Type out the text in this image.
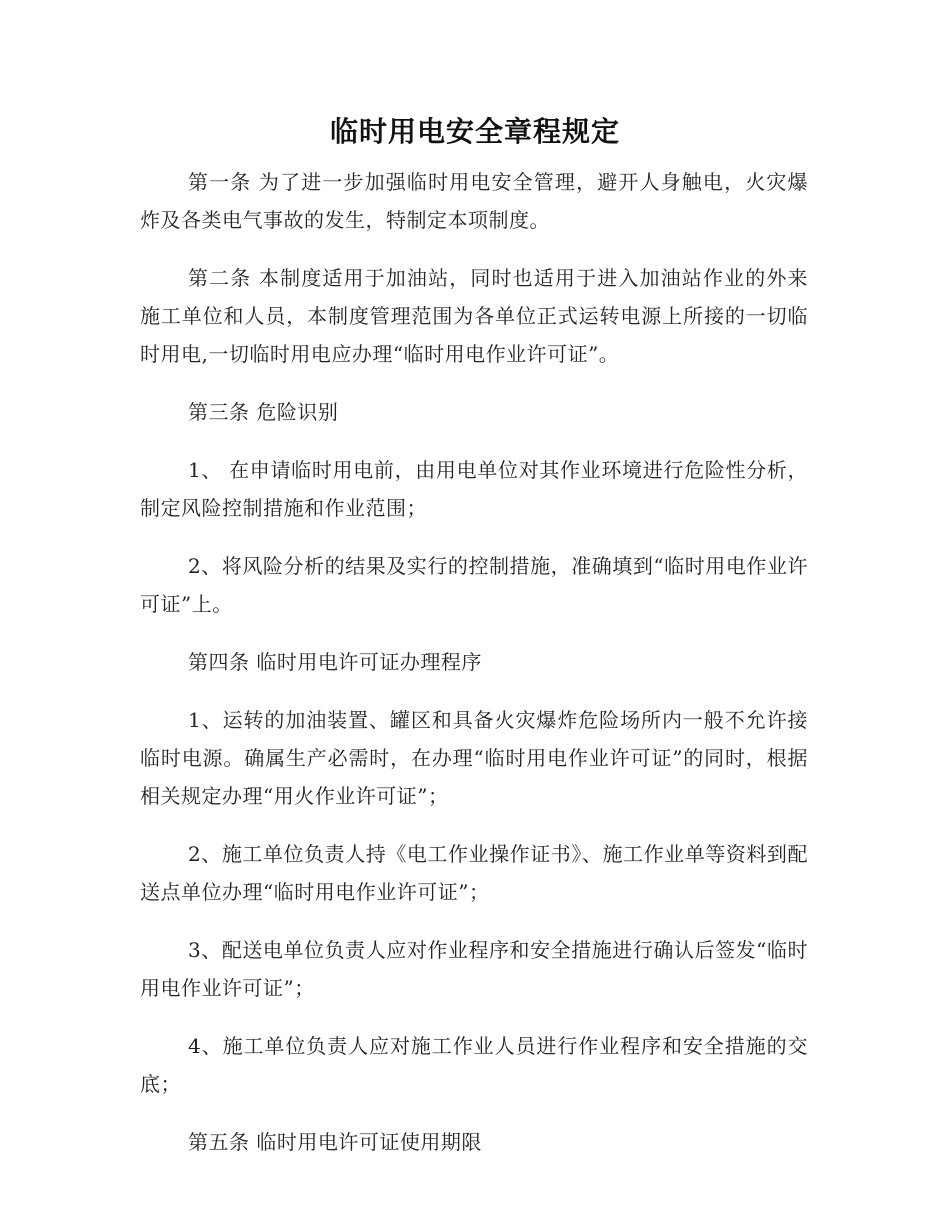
临时用电安全章程规定

第一条 为了进一步加强临时用电安全管理，避开人身触电，火灾爆炸及各类电气事故的发生，特制定本项制度。

第二条 本制度适用于加油站，同时也适用于进入加油站作业的外来施工单位和人员，本制度管理范围为各单位正式运转电源上所接的一切临时用电,一切临时用电应办理“临时用电作业许可证”。

第三条 危险识别

1、 在申请临时用电前，由用电单位对其作业环境进行危险性分析，制定风险控制措施和作业范围；

2、将风险分析的结果及实行的控制措施，准确填到“临时用电作业许可证”上。

第四条 临时用电许可证办理程序

1、运转的加油装置、罐区和具备火灾爆炸危险场所内一般不允许接临时电源。确属生产必需时，在办理“临时用电作业许可证”的同时，根据相关规定办理“用火作业许可证”；

2、施工单位负责人持《电工作业操作证书》、施工作业单等资料到配送点单位办理“临时用电作业许可证”；

3、配送电单位负责人应对作业程序和安全措施进行确认后签发“临时用电作业许可证”；

4、施工单位负责人应对施工作业人员进行作业程序和安全措施的交底；

第五条 临时用电许可证使用期限
